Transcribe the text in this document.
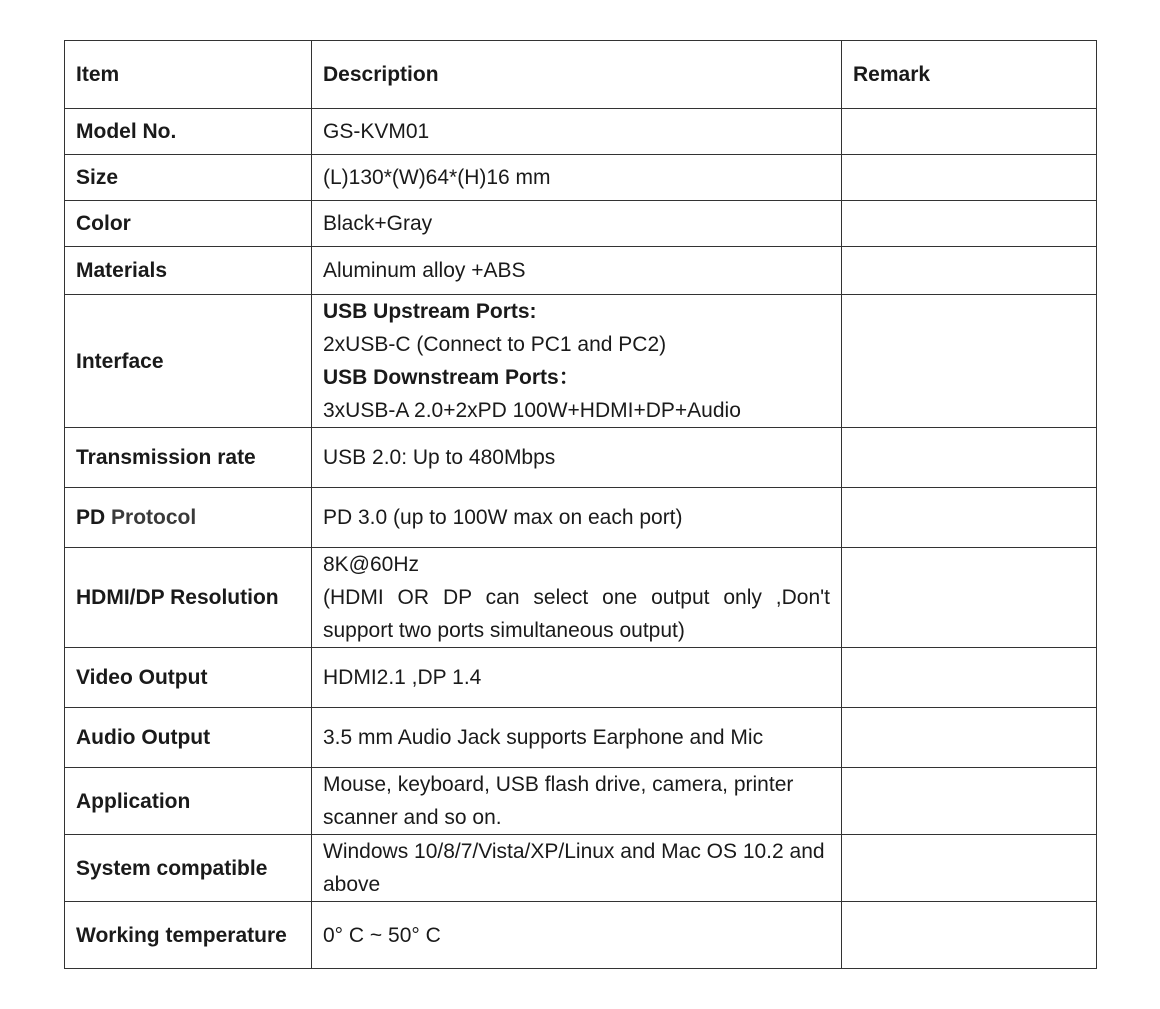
Item	Description	Remark
Model No.	GS-KVM01	
Size	(L)130*(W)64*(H)16 mm	
Color	Black+Gray	
Materials	Aluminum alloy +ABS	
Interface	USB Upstream Ports:
2xUSB-C (Connect to PC1 and PC2)
USB Downstream Ports：
3xUSB-A 2.0+2xPD 100W+HDMI+DP+Audio	

Transmission rate	USB 2.0: Up to 480Mbps	
PD Protocol	PD 3.0 (up to 100W max on each port)	
HDMI/DP Resolution	8K@60Hz
(HDMI OR DP can select one output only ,Don't support two ports simultaneous output)	

Video Output	HDMI2.1 ,DP 1.4	
Audio Output	3.5 mm Audio Jack supports Earphone and Mic	
Application	Mouse, keyboard, USB flash drive, camera, printer scanner and so on.	
System compatible	Windows 10/8/7/Vista/XP/Linux and Mac OS 10.2 and above	
Working temperature	0° C ~ 50° C	
